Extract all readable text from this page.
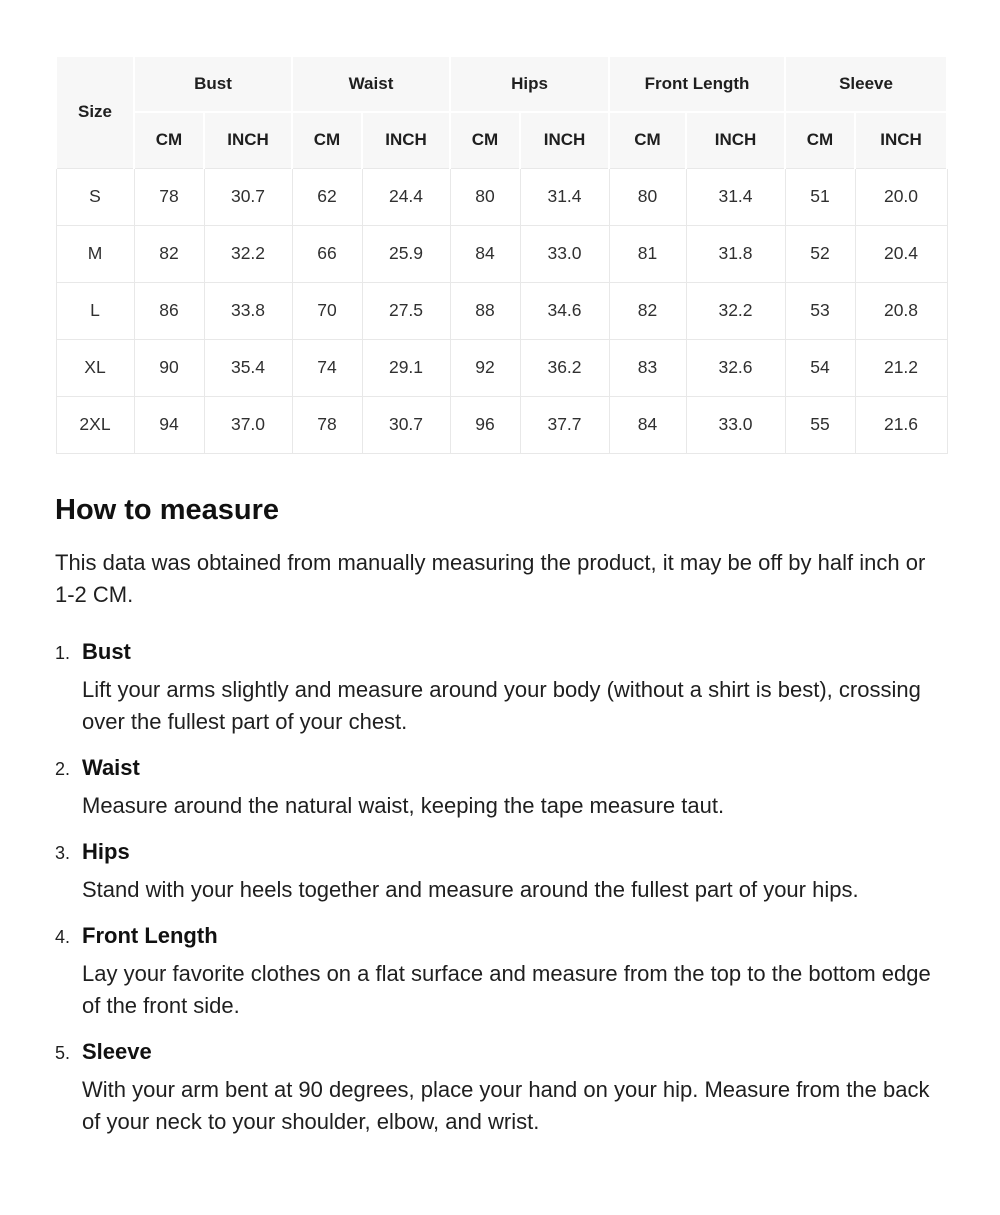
Size	Bust		Waist		Hips		Front Length		Sleeve	
	CM	INCH	CM	INCH	CM	INCH	CM	INCH	CM	INCH
S	78	30.7	62	24.4	80	31.4	80	31.4	51	20.0
M	82	32.2	66	25.9	84	33.0	81	31.8	52	20.4
L	86	33.8	70	27.5	88	34.6	82	32.2	53	20.8
XL	90	35.4	74	29.1	92	36.2	83	32.6	54	21.2
2XL	94	37.0	78	30.7	96	37.7	84	33.0	55	21.6
How to measure

This data was obtained from manually measuring the product, it may be off by half inch or 1-2 CM.

1. Bust

Lift your arms slightly and measure around your body (without a shirt is best), crossing over the fullest part of your chest.

2. Waist

Measure around the natural waist, keeping the tape measure taut.

3. Hips

Stand with your heels together and measure around the fullest part of your hips.

4. Front Length

Lay your favorite clothes on a flat surface and measure from the top to the bottom edge of the front side.

5. Sleeve

With your arm bent at 90 degrees, place your hand on your hip. Measure from the back of your neck to your shoulder, elbow, and wrist.
